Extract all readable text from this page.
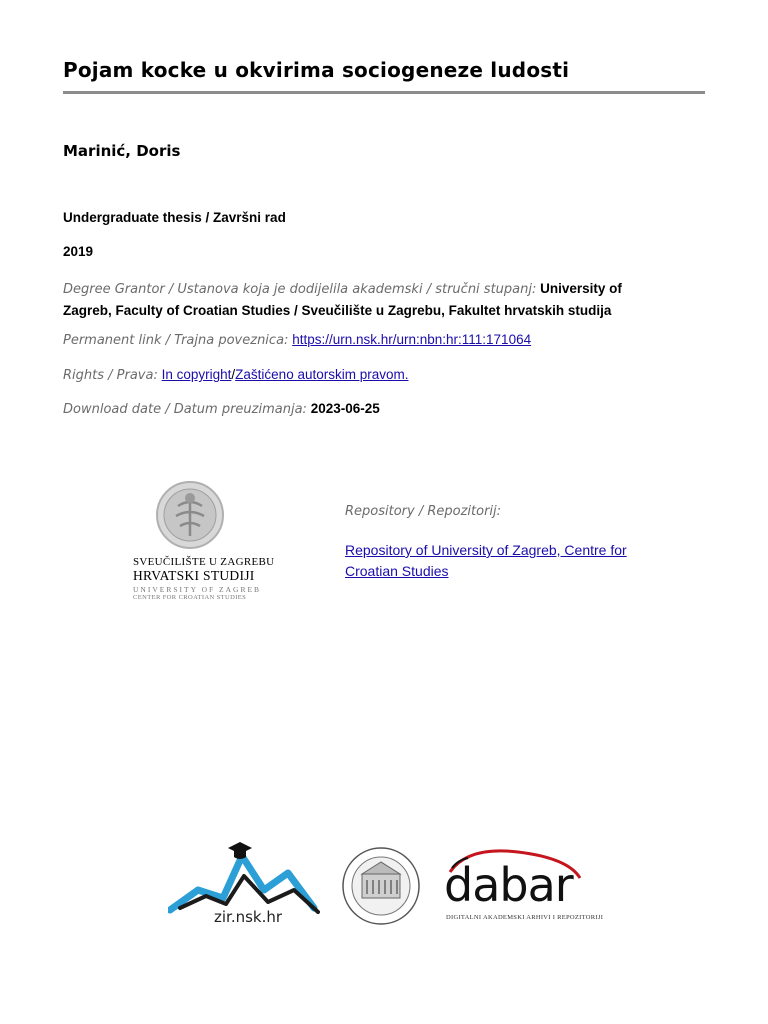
Pojam kocke u okvirima sociogeneze ludosti
Marinić, Doris
Undergraduate thesis / Završni rad
2019
Degree Grantor / Ustanova koja je dodijelila akademski / stručni stupanj: University of
Zagreb, Faculty of Croatian Studies / Sveučilište u Zagrebu, Fakultet hrvatskih studija
Permanent link / Trajna poveznica: https://urn.nsk.hr/urn:nbn:hr:111:171064
Rights / Prava: In copyright/Zaštićeno autorskim pravom.
Download date / Datum preuzimanja: 2023-06-25
SVEUČILIŠTE U ZAGREBU
HRVATSKI STUDIJI
UNIVERSITY OF ZAGREB
CENTER FOR CROATIAN STUDIES
Repository / Repozitorij:
Repository of University of Zagreb, Centre for
Croatian Studies
zir.nsk.hr
dabar
DIGITALNI AKADEMSKI ARHIVI I REPOZITORIJI
